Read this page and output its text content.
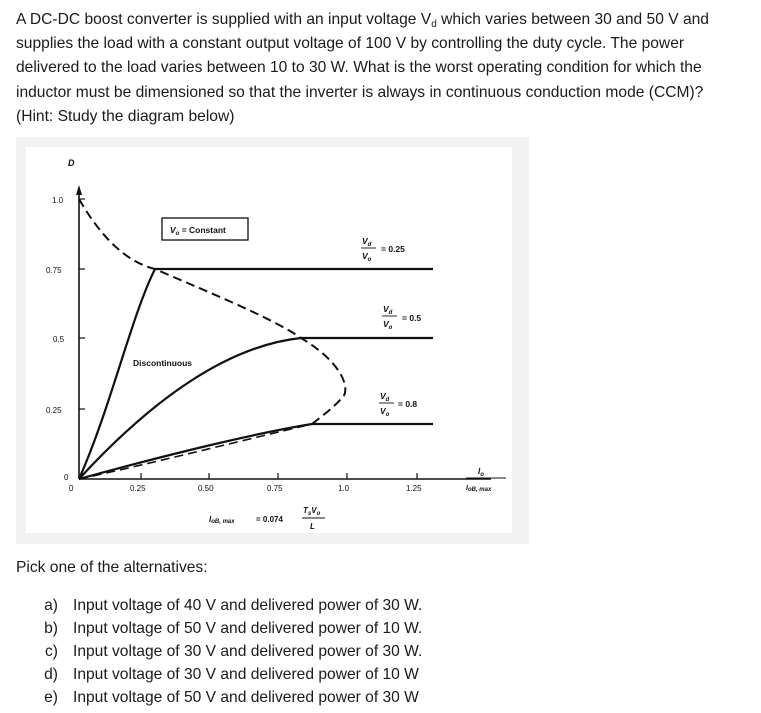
A DC-DC boost converter is supplied with an input voltage $V_d$ which varies between 30 and 50 V and supplies the load with a constant output voltage of 100 V by controlling the duty cycle. The power delivered to the load varies between 10 to 30 W. What is the worst operating condition for which the inductor must be dimensioned so that the inverter is always in continuous conduction mode (CCM)?
(Hint: Study the diagram below)

D
1.0
0.75
0.5
0.25
0
0	0.25	0.50	0.75	1.0	1.25
$I_o$
IoB, max
$V_o$ = Constant
Discontinuous
$V_d$
$V_o$
= 0.25
$V_d$
$V_o$
= 0.5
$V_d$
$V_o$
= 0.8
IoB, max	= 0.074
$T_sV_o$
L

Pick one of the alternatives:

a) Input voltage of 40 V and delivered power of 30 W.
b) Input voltage of 50 V and delivered power of 10 W.
c) Input voltage of 30 V and delivered power of 30 W.
d) Input voltage of 30 V and delivered power of 10 W
e) Input voltage of 50 V and delivered power of 30 W
